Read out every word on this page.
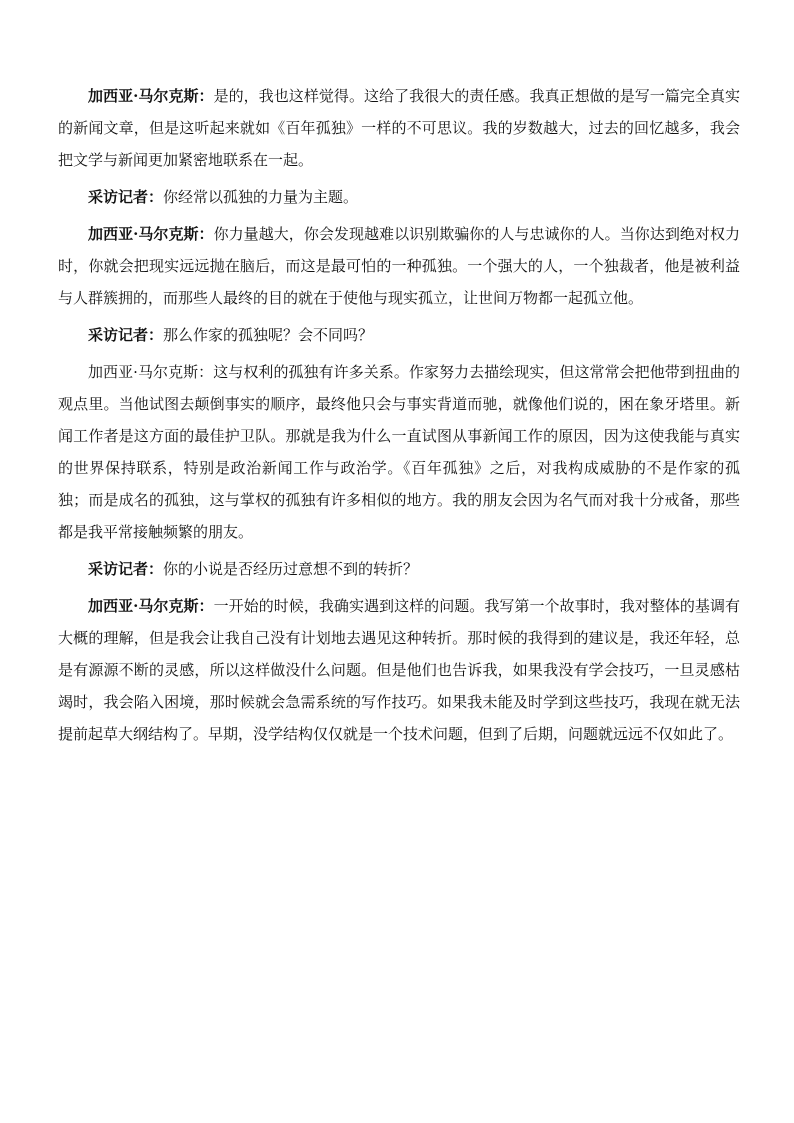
加西亚·马尔克斯：是的，我也这样觉得。这给了我很大的责任感。我真正想做的是写一篇完全真实的新闻文章，但是这听起来就如《百年孤独》一样的不可思议。我的岁数越大，过去的回忆越多，我会把文学与新闻更加紧密地联系在一起。

采访记者：你经常以孤独的力量为主题。

加西亚·马尔克斯：你力量越大，你会发现越难以识别欺骗你的人与忠诚你的人。当你达到绝对权力时，你就会把现实远远抛在脑后，而这是最可怕的一种孤独。一个强大的人，一个独裁者，他是被利益与人群簇拥的，而那些人最终的目的就在于使他与现实孤立，让世间万物都一起孤立他。

采访记者：那么作家的孤独呢？会不同吗？

加西亚·马尔克斯：这与权利的孤独有许多关系。作家努力去描绘现实，但这常常会把他带到扭曲的观点里。当他试图去颠倒事实的顺序，最终他只会与事实背道而驰，就像他们说的，困在象牙塔里。新闻工作者是这方面的最佳护卫队。那就是我为什么一直试图从事新闻工作的原因，因为这使我能与真实的世界保持联系，特别是政治新闻工作与政治学。《百年孤独》之后，对我构成威胁的不是作家的孤独；而是成名的孤独，这与掌权的孤独有许多相似的地方。我的朋友会因为名气而对我十分戒备，那些都是我平常接触频繁的朋友。

采访记者：你的小说是否经历过意想不到的转折？

加西亚·马尔克斯：一开始的时候，我确实遇到这样的问题。我写第一个故事时，我对整体的基调有大概的理解，但是我会让我自己没有计划地去遇见这种转折。那时候的我得到的建议是，我还年轻，总是有源源不断的灵感，所以这样做没什么问题。但是他们也告诉我，如果我没有学会技巧，一旦灵感枯竭时，我会陷入困境，那时候就会急需系统的写作技巧。如果我未能及时学到这些技巧，我现在就无法提前起草大纲结构了。早期，没学结构仅仅就是一个技术问题，但到了后期，问题就远远不仅如此了。
